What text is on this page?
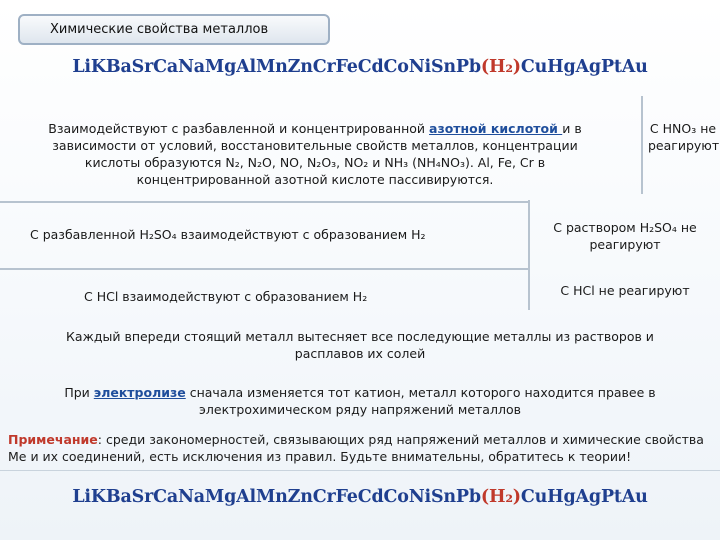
Химические свойства металлов
LiKBaSrCaNaMgAlMnZnCrFeCdCoNiSnPb(H₂)CuHgAgPtAu
Взаимодействуют с разбавленной и концентрированной азотной кислотой и в зависимости от условий, восстановительные свойств металлов, концентрации кислоты образуются N₂, N₂O, NO, N₂O₃, NO₂ и NH₃ (NH₄NO₃). Al, Fe, Cr в концентрированной азотной кислоте пассивируются.
С HNO₃ не реагируют
С разбавленной H₂SO₄ взаимодействуют с образованием H₂	С раствором H₂SO₄ не реагируют
С HCl взаимодействуют с образованием H₂	С HCl не реагируют
Каждый впереди стоящий металл вытесняет все последующие металлы из растворов и расплавов их солей
При электролизе сначала изменяется тот катион, металл которого находится правее в электрохимическом ряду напряжений металлов
Примечание: среди закономерностей, связывающих ряд напряжений металлов и химические свойства Ме и их соединений, есть исключения из правил. Будьте внимательны, обратитесь к теории!
LiKBaSrCaNaMgAlMnZnCrFeCdCoNiSnPb(H₂)CuHgAgPtAu
